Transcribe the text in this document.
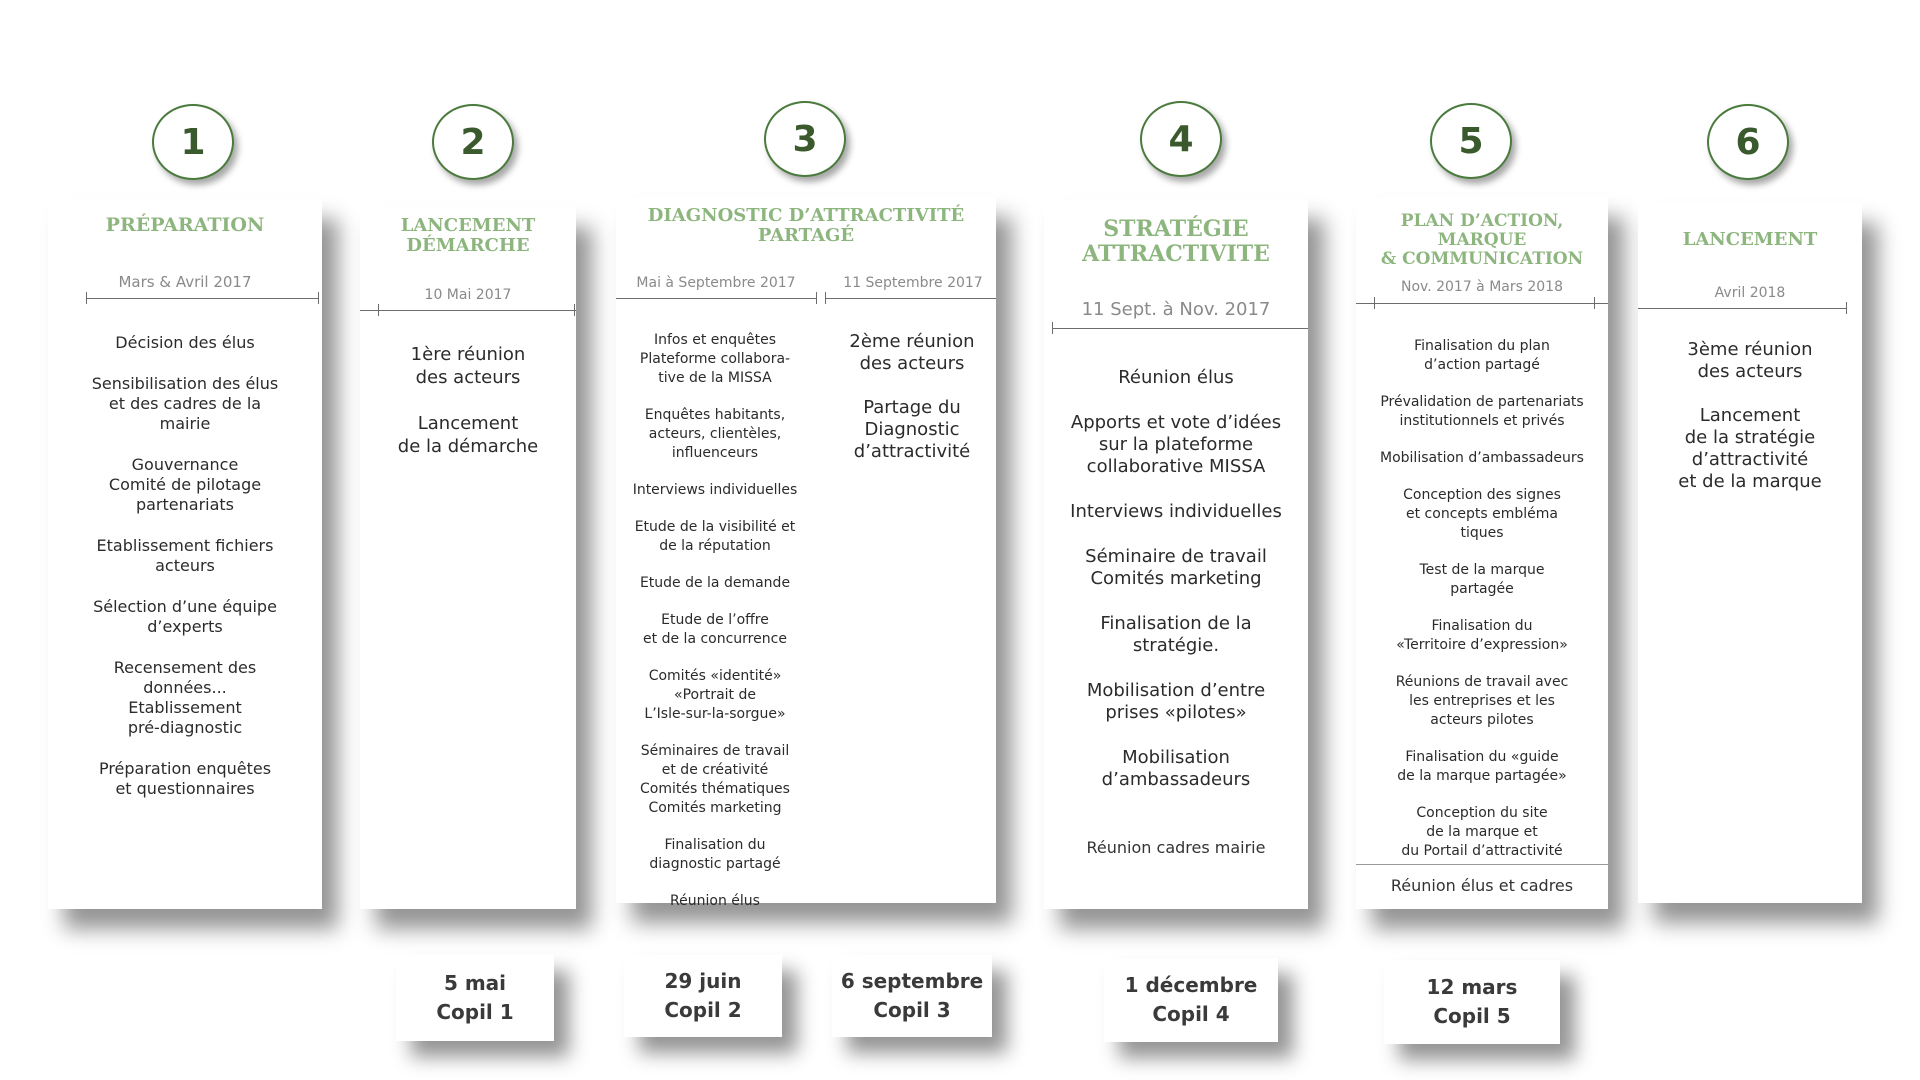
1	2	3	4	5	6
PRÉPARATION
Mars & Avril 2017
Décision des élus
Sensibilisation des élus
et des cadres de la
mairie
Gouvernance
Comité de pilotage
partenariats
Etablissement fichiers
acteurs
Sélection d’une équipe
d’experts
Recensement des
données...
Etablissement
pré-diagnostic
Préparation enquêtes
et questionnaires
LANCEMENT
DÉMARCHE
10 Mai 2017
1ère réunion
des acteurs
Lancement
de la démarche
DIAGNOSTIC D’ATTRACTIVITÉ
PARTAGÉ
Mai à Septembre 2017	11 Septembre 2017
Infos et enquêtes
Plateforme collabora-
tive de la MISSA
Enquêtes habitants,
acteurs, clientèles,
influenceurs
Interviews individuelles
Etude de la visibilité et
de la réputation
Etude de la demande
Etude de l’offre
et de la concurrence
Comités «identité»
«Portrait de
L’Isle-sur-la-sorgue»
Séminaires de travail
et de créativité
Comités thématiques
Comités marketing
Finalisation du
diagnostic partagé
Réunion élus
2ème réunion
des acteurs
Partage du
Diagnostic
d’attractivité
STRATÉGIE
ATTRACTIVITE
11 Sept. à Nov. 2017
Réunion élus
Apports et vote d’idées
sur la plateforme
collaborative MISSA
Interviews individuelles
Séminaire de travail
Comités marketing
Finalisation de la
stratégie.
Mobilisation d’entre
prises «pilotes»
Mobilisation
d’ambassadeurs
Réunion cadres mairie
PLAN D’ACTION, MARQUE
& COMMUNICATION
Nov. 2017 à Mars 2018
Finalisation du plan
d’action partagé
Prévalidation de partenariats
institutionnels et privés
Mobilisation d’ambassadeurs
Conception des signes
et concepts embléma
tiques
Test de la marque
partagée
Finalisation du
«Territoire d’expression»
Réunions de travail avec
les entreprises et les
acteurs pilotes
Finalisation du «guide
de la marque partagée»
Conception du site
de la marque et
du Portail d’attractivité
Réunion élus et cadres
LANCEMENT
Avril 2018
3ème réunion
des acteurs
Lancement
de la stratégie
d’attractivité
et de la marque
5 mai
Copil 1
29 juin
Copil 2
6 septembre
Copil 3
1 décembre
Copil 4
12 mars
Copil 5
